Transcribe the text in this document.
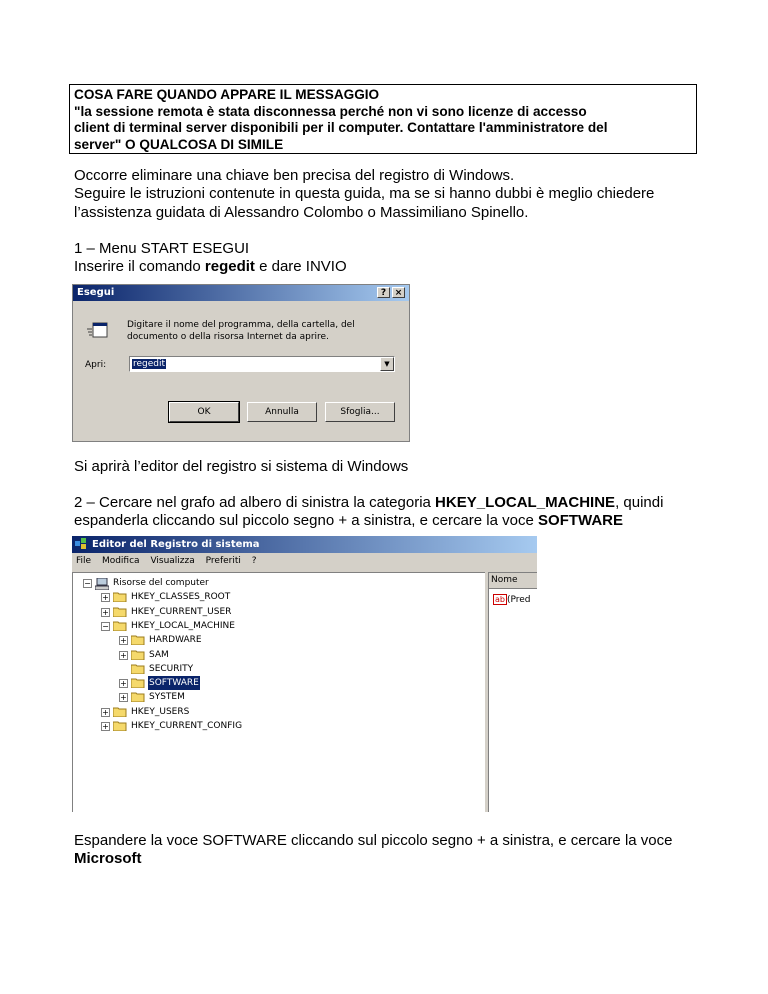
COSA FARE QUANDO APPARE IL MESSAGGIO
"la sessione remota è stata disconnessa perché non vi sono licenze di accesso
client di terminal server disponibili per il computer. Contattare l'amministratore del
server" O QUALCOSA DI SIMILE
Occorre eliminare una chiave ben precisa del registro di Windows.
Seguire le istruzioni contenute in questa guida, ma se si hanno dubbi è meglio chiedere
l’assistenza guidata di Alessandro Colombo o Massimiliano Spinello.
1 – Menu START ESEGUI
Inserire il comando regedit e dare INVIO
Esegui	? ×
Digitare il nome del programma, della cartella, del
documento o della risorsa Internet da aprire.
Apri:	regedit	▼
OK	Annulla	Sfoglia...
Si aprirà l’editor del registro si sistema di Windows
2 – Cercare nel grafo ad albero di sinistra la categoria HKEY_LOCAL_MACHINE, quindi
espanderla cliccando sul piccolo segno + a sinistra, e cercare la voce SOFTWARE
Editor del Registro di sistema
File Modifica Visualizza Preferiti ?
− Risorse del computer
+ HKEY_CLASSES_ROOT
+ HKEY_CURRENT_USER
− HKEY_LOCAL_MACHINE
+ HARDWARE
+ SAM
SECURITY
+ SOFTWARE
+ SYSTEM
+ HKEY_USERS
+ HKEY_CURRENT_CONFIG
Nome
ab (Pred
Espandere la voce SOFTWARE cliccando sul piccolo segno + a sinistra, e cercare la voce
Microsoft
